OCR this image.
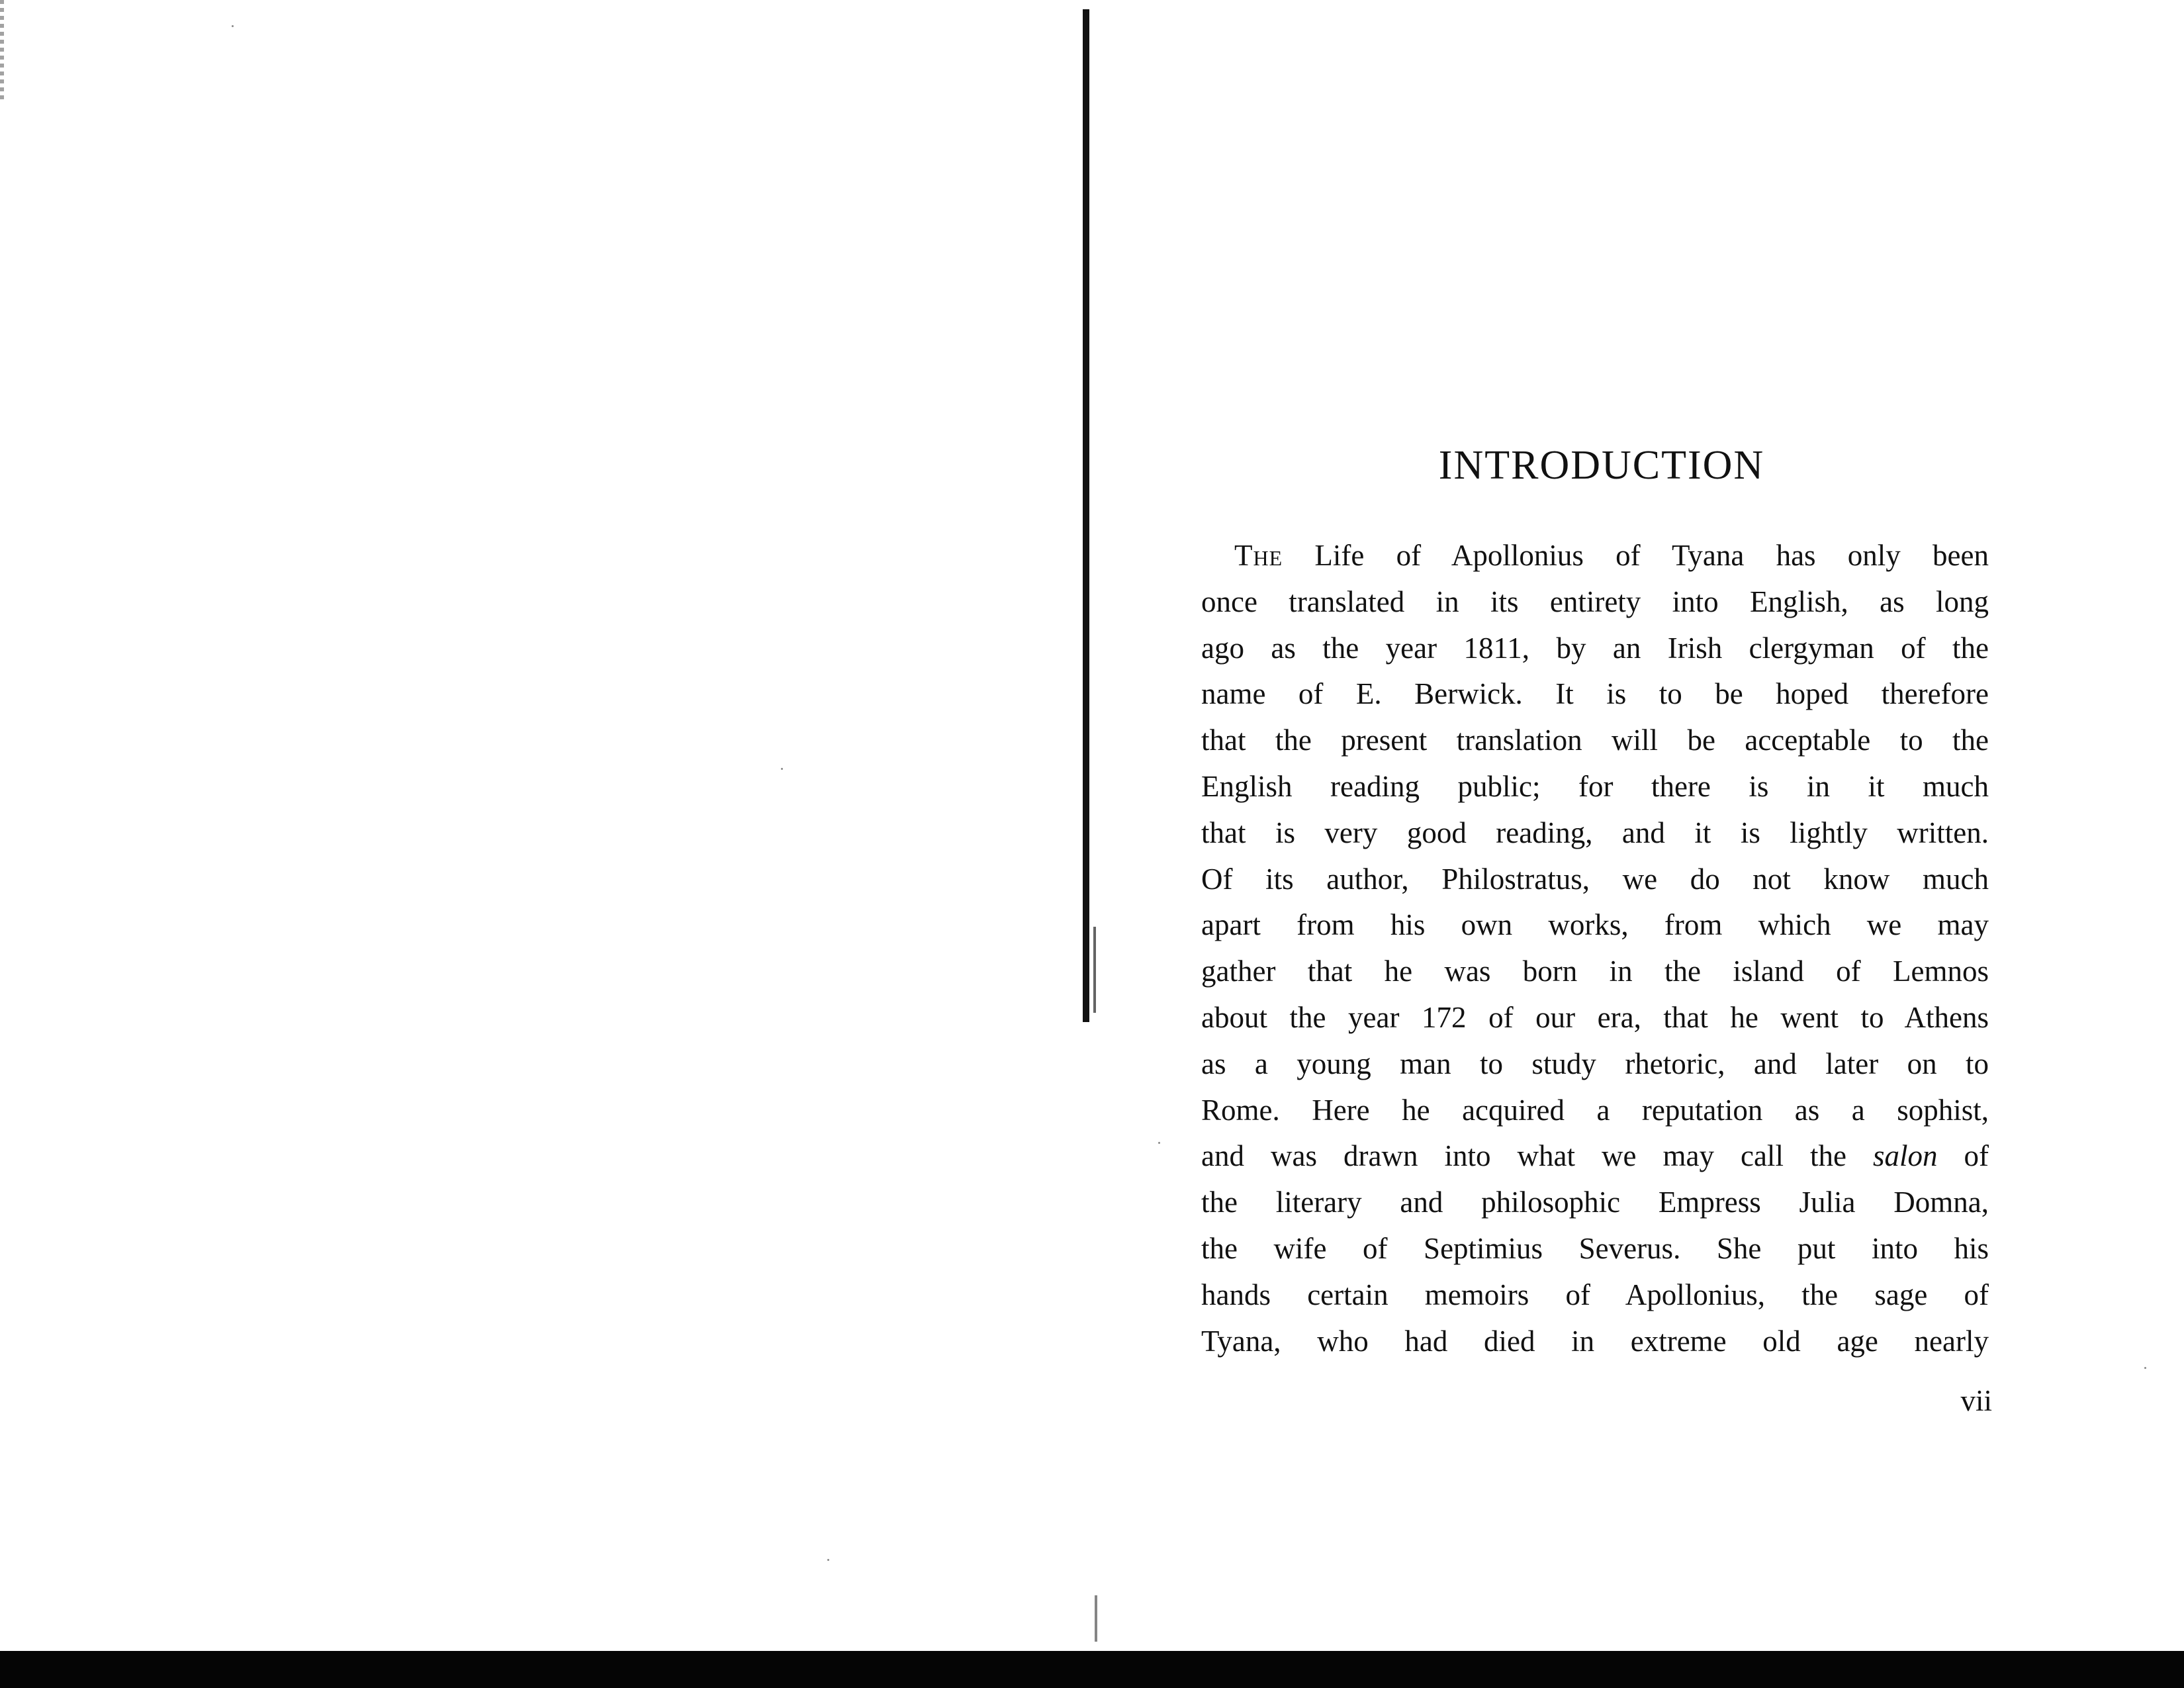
INTRODUCTION
The Life of Apollonius of Tyana has only been
once translated in its entirety into English, as long
ago as the year 1811, by an Irish clergyman of the
name of E. Berwick. It is to be hoped therefore
that the present translation will be acceptable to the
English reading public; for there is in it much
that is very good reading, and it is lightly written.
Of its author, Philostratus, we do not know much
apart from his own works, from which we may
gather that he was born in the island of Lemnos
about the year 172 of our era, that he went to Athens
as a young man to study rhetoric, and later on to
Rome. Here he acquired a reputation as a sophist,
and was drawn into what we may call the salon of
the literary and philosophic Empress Julia Domna,
the wife of Septimius Severus. She put into his
hands certain memoirs of Apollonius, the sage of
Tyana, who had died in extreme old age nearly
vii
